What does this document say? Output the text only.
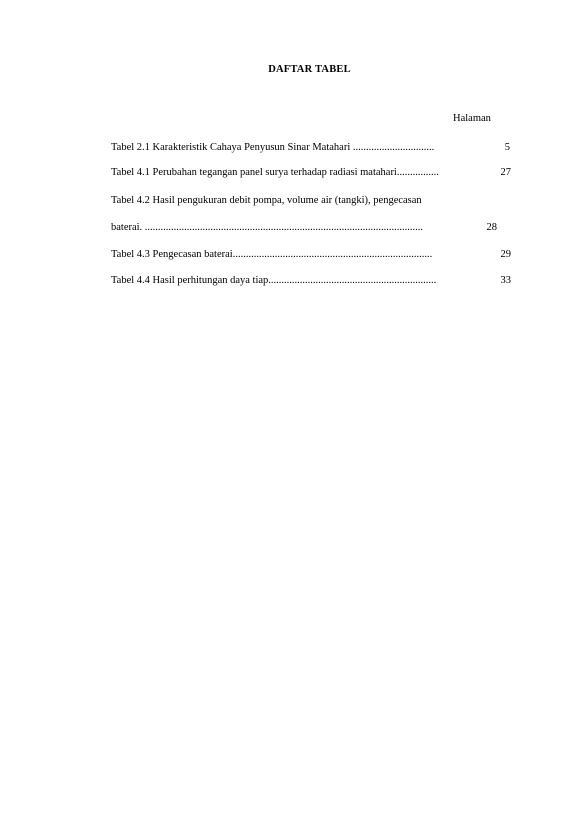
DAFTAR TABEL
Halaman
Tabel 2.1 Karakteristik Cahaya Penyusun Sinar Matahari ...............................	5
Tabel 4.1 Perubahan tegangan panel surya terhadap radiasi matahari................	27
Tabel 4.2 Hasil pengukuran debit pompa, volume air (tangki), pengecasan
baterai. ..........................................................................................................	28
Tabel 4.3 Pengecasan baterai............................................................................	29
Tabel 4.4 Hasil perhitungan daya tiap................................................................	33
